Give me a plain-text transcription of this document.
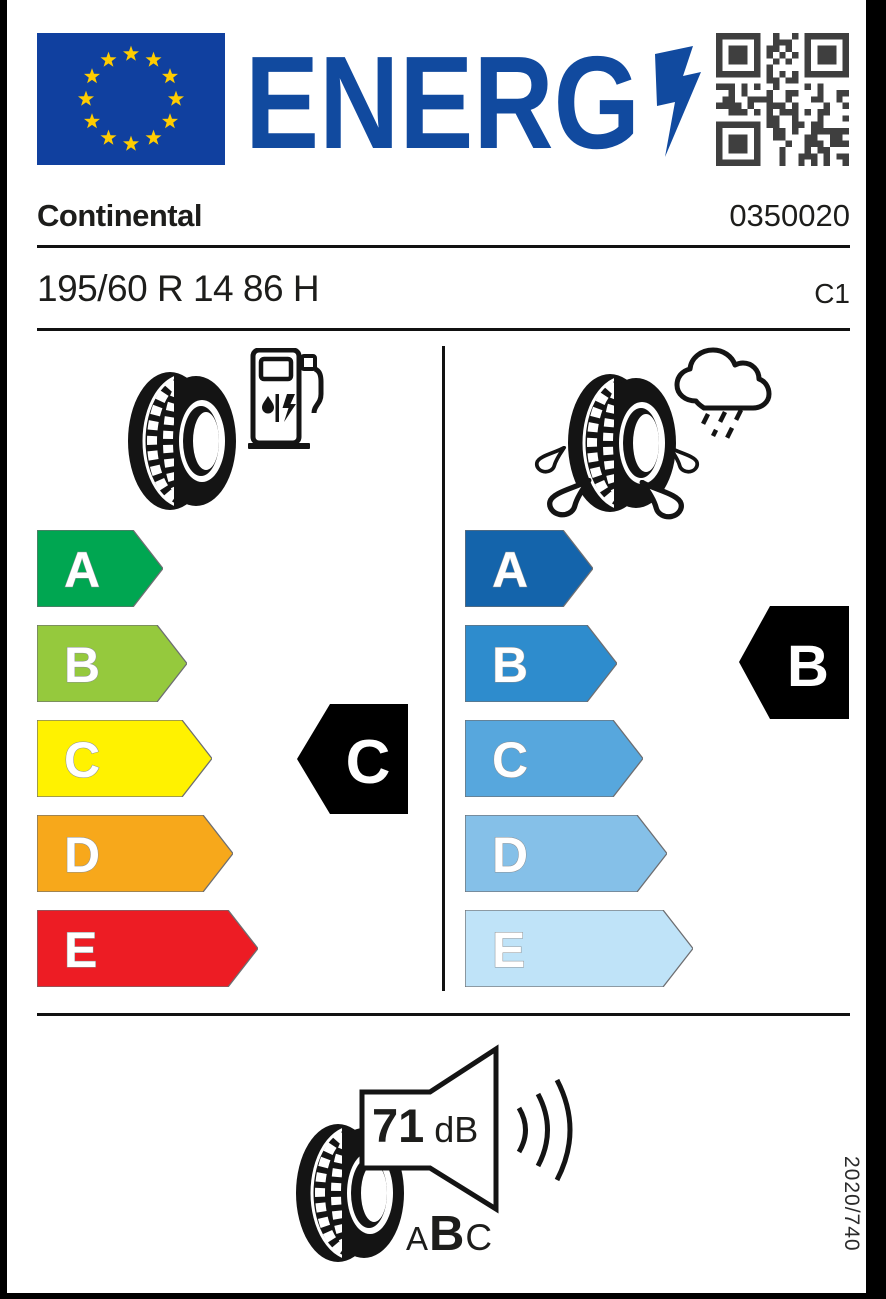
ENERG
Continental	0350020
195/60 R 14 86 H	C1
A
B
C
D
E
C
A
B
C
D
E
B
71 dB
ABC	2020/740
